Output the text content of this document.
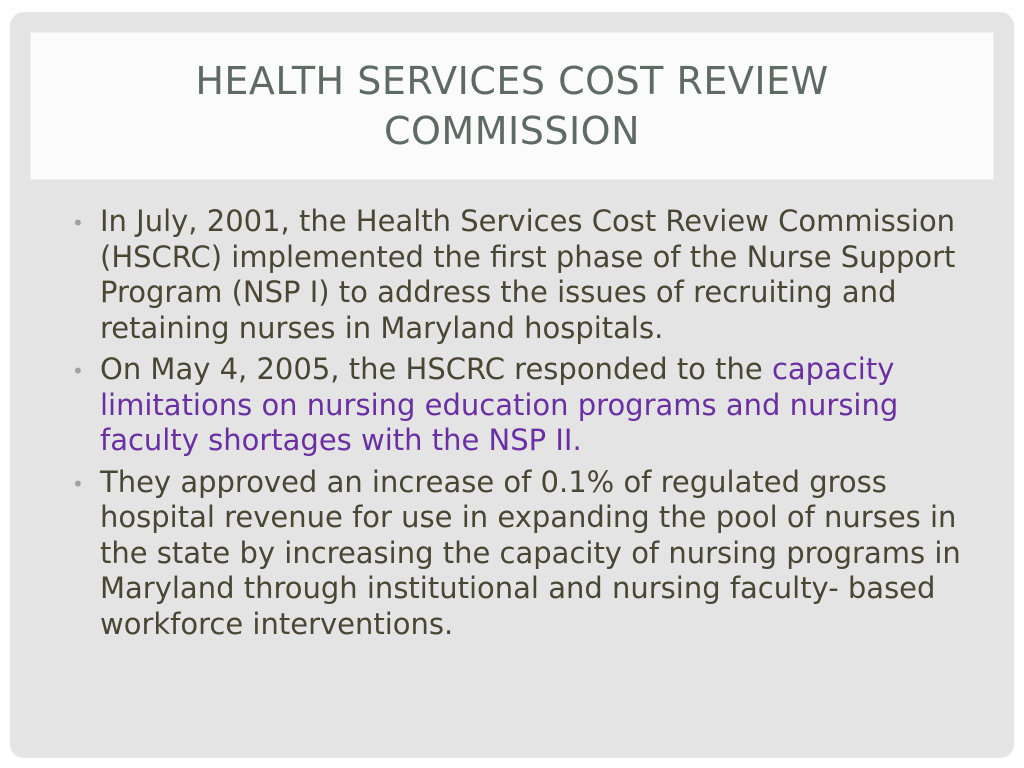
HEALTH SERVICES COST REVIEW COMMISSION
• In July, 2001, the Health Services Cost Review Commission (HSCRC) implemented the first phase of the Nurse Support Program (NSP I) to address the issues of recruiting and retaining nurses in Maryland hospitals.
• On May 4, 2005, the HSCRC responded to the capacity limitations on nursing education programs and nursing faculty shortages with the NSP II.
• They approved an increase of 0.1% of regulated gross hospital revenue for use in expanding the pool of nurses in the state by increasing the capacity of nursing programs in Maryland through institutional and nursing faculty- based workforce interventions.
